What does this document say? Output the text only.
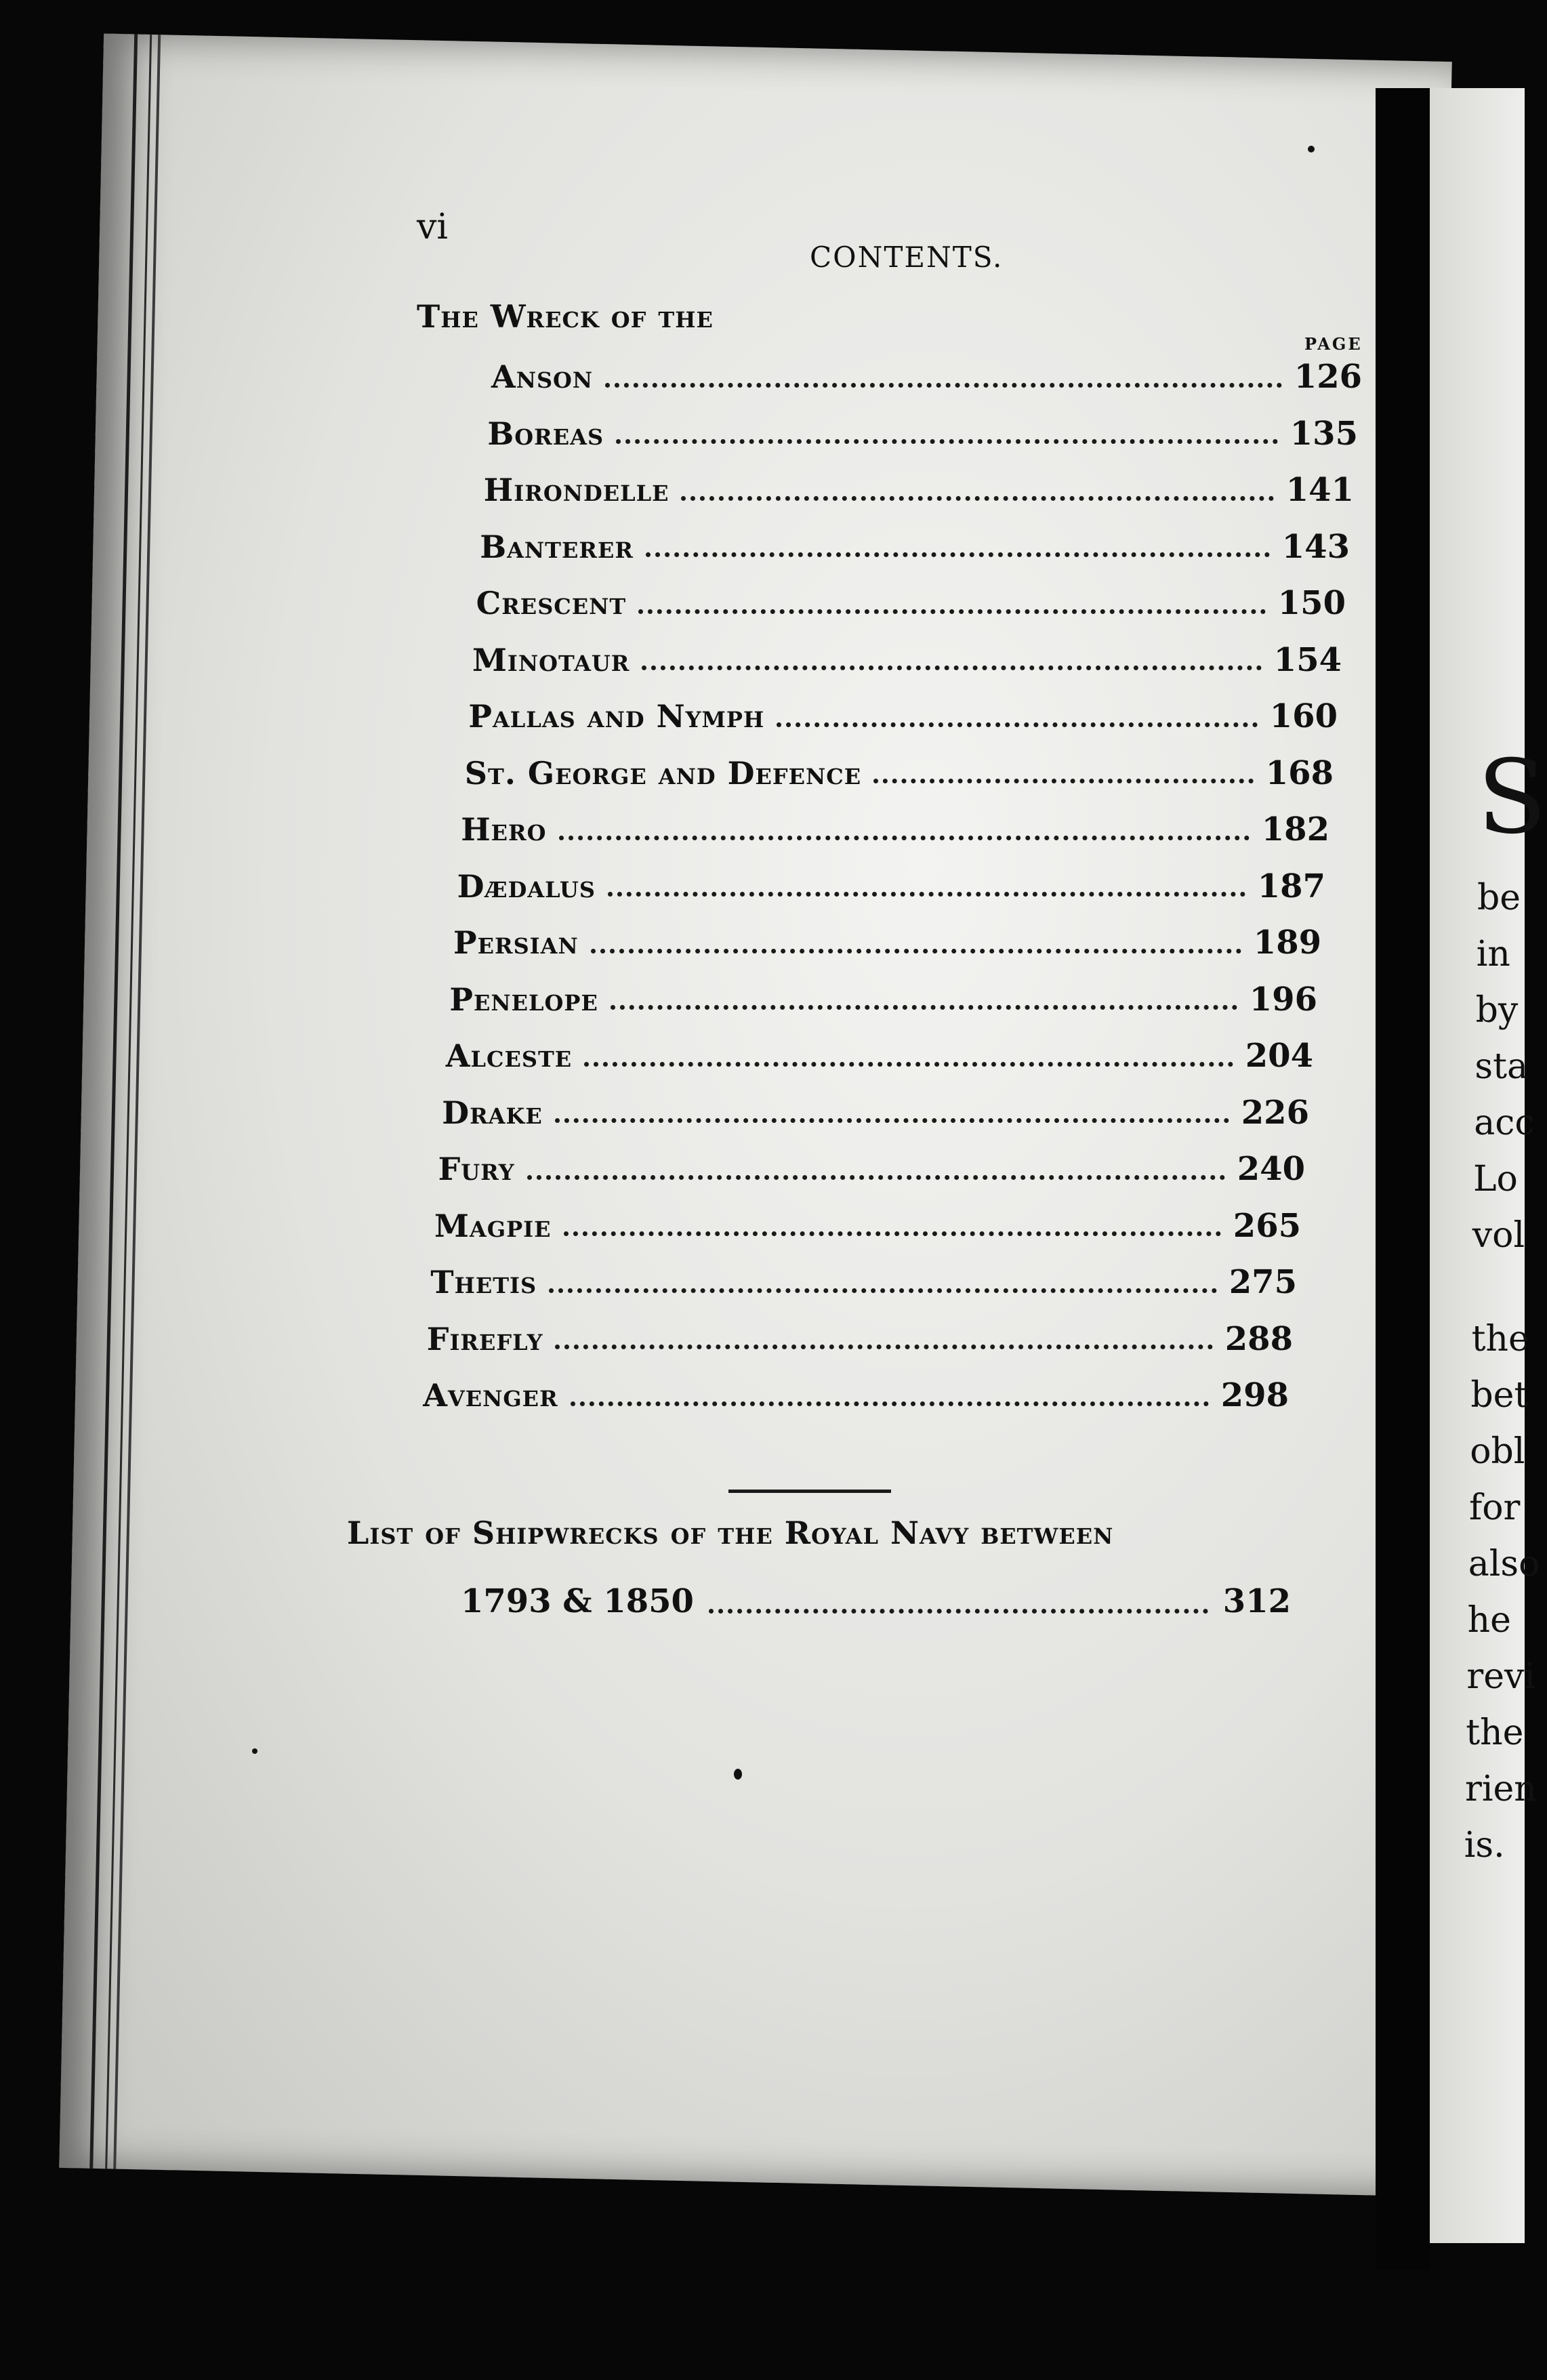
S
be
in
by
sta
acc
Lo
vol
the
bet
obl
for
also
he
revi
the
rien
is.
vi
CONTENTS.
The Wreck of the
PAGE
Anson	126
Boreas	135
Hirondelle	141
Banterer	143
Crescent	150
Minotaur	154
Pallas and Nymph	160
St. George and Defence	168
Hero	182
Dædalus	187
Persian	189
Penelope	196
Alceste	204
Drake	226
Fury	240
Magpie	265
Thetis	275
Firefly	288
Avenger	298
List of Shipwrecks of the Royal Navy between
1793 & 1850	312
